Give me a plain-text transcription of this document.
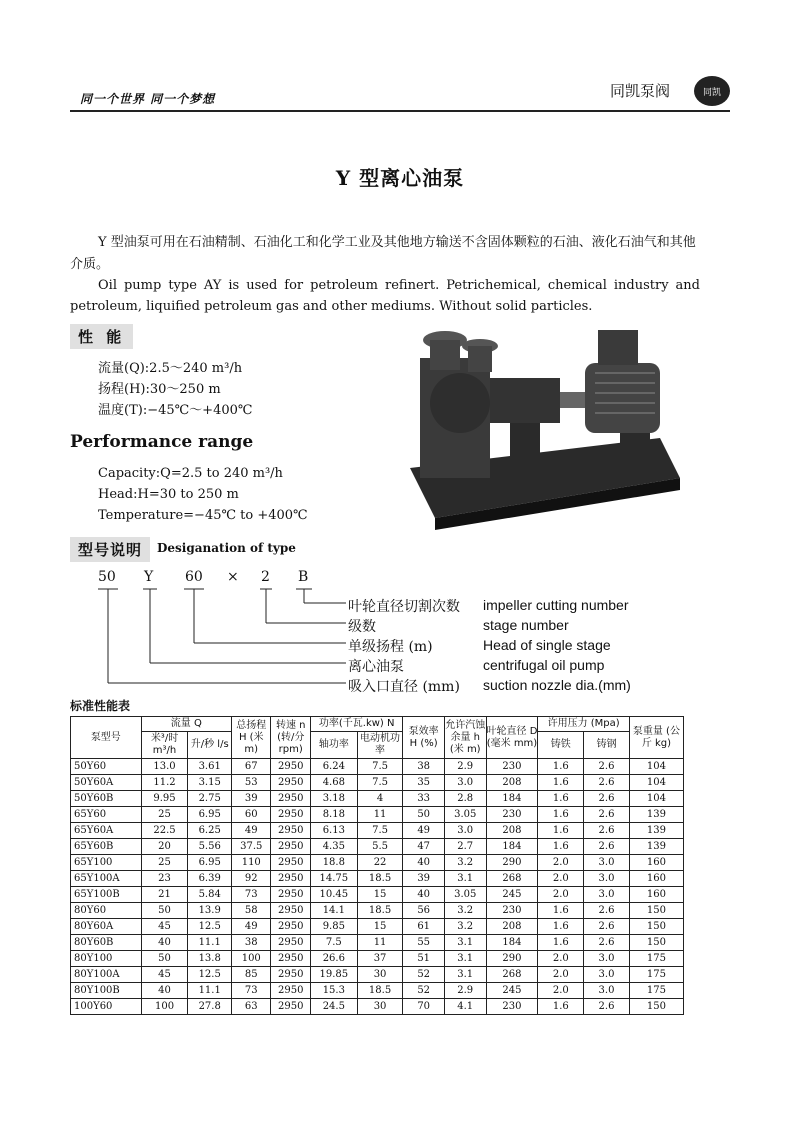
同一个世界 同一个梦想	同凯泵阀	同凯
Y 型离心油泵

Y 型油泵可用在石油精制、石油化工和化学工业及其他地方输送不含固体颗粒的石油、液化石油气和其他介质。

Oil pump type AY is used for petroleum refinert. Petrichemical, chemical industry and petroleum, liquified petroleum gas and other mediums. Without solid particles.

性 能
流量(Q):2.5～240 m³/h
扬程(H):30～250 m
温度(T):−45℃～+400℃
Performance range
Capacity:Q=2.5 to 240 m³/h
Head:H=30 to 250 m
Temperature=−45℃ to +400℃
型号说明	Desiganation of type
50 Y 60 × 2 B
叶轮直径切割次数 impeller cutting number
级数	stage number
单级扬程 (m)	Head of single stage
离心油泵	centrifugal oil pump
吸入口直径 (mm) suction nozzle dia.(mm)
标准性能表
泵型号	流量 Q		总扬程 H (米 m)	转速 n (转/分 rpm)	功率(千瓦.kw) N		泵效率 H (%)	允许汽蚀余量 h (米 m)	叶轮直径 D (毫米 mm)	许用压力 (Mpa)		泵重量 (公斤 kg)
	米³/时 m³/h	升/秒 l/s			轴功率	电动机功率				铸铁	铸钢	
50Y60	13.0	3.61	67	2950	6.24	7.5	38	2.9	230	1.6	2.6	104
50Y60A	11.2	3.15	53	2950	4.68	7.5	35	3.0	208	1.6	2.6	104
50Y60B	9.95	2.75	39	2950	3.18	4	33	2.8	184	1.6	2.6	104
65Y60	25	6.95	60	2950	8.18	11	50	3.05	230	1.6	2.6	139
65Y60A	22.5	6.25	49	2950	6.13	7.5	49	3.0	208	1.6	2.6	139
65Y60B	20	5.56	37.5	2950	4.35	5.5	47	2.7	184	1.6	2.6	139
65Y100	25	6.95	110	2950	18.8	22	40	3.2	290	2.0	3.0	160
65Y100A	23	6.39	92	2950	14.75	18.5	39	3.1	268	2.0	3.0	160
65Y100B	21	5.84	73	2950	10.45	15	40	3.05	245	2.0	3.0	160
80Y60	50	13.9	58	2950	14.1	18.5	56	3.2	230	1.6	2.6	150
80Y60A	45	12.5	49	2950	9.85	15	61	3.2	208	1.6	2.6	150
80Y60B	40	11.1	38	2950	7.5	11	55	3.1	184	1.6	2.6	150
80Y100	50	13.8	100	2950	26.6	37	51	3.1	290	2.0	3.0	175
80Y100A	45	12.5	85	2950	19.85	30	52	3.1	268	2.0	3.0	175
80Y100B	40	11.1	73	2950	15.3	18.5	52	2.9	245	2.0	3.0	175
100Y60	100	27.8	63	2950	24.5	30	70	4.1	230	1.6	2.6	150
